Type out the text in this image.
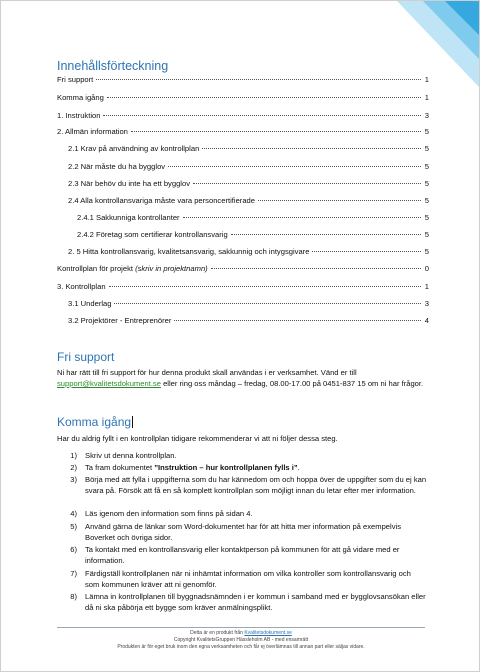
Innehållsförteckning
Fri support	1
Komma igång	1
1. Instruktion	3
2. Allmän information	5
2.1 Krav på användning av kontrollplan	5
2.2 När måste du ha bygglov	5
2.3 När behöv du inte ha ett bygglov	5
2.4 Alla kontrollansvariga måste vara personcertifierade	5
2.4.1 Sakkunniga kontrollanter	5
2.4.2 Företag som certifierar kontrollansvarig	5
2. 5 Hitta kontrollansvarig, kvalitetsansvarig, sakkunnig och intygsgivare	5
Kontrollplan för projekt (skriv in projektnamn)	0
3. Kontrollplan	1
3.1 Underlag	3
3.2 Projektörer - Entreprenörer	4
Fri support
Ni har rätt till fri support för hur denna produkt skall användas i er verksamhet. Vänd er till support@kvalitetsdokument.se eller ring oss måndag – fredag, 08.00-17.00 på 0451-837 15 om ni har frågor.
Komma igång
Har du aldrig fyllt i en kontrollplan tidigare rekommenderar vi att ni följer dessa steg.
1)	Skriv ut denna kontrollplan.
2)	Ta fram dokumentet ”Instruktion – hur kontrollplanen fylls i”.
3)	Börja med att fylla i uppgifterna som du har kännedom om och hoppa över de uppgifter som du ej kan svara på. Försök att få en så komplett kontrollplan som möjligt innan du letar efter mer information.
4)	Läs igenom den information som finns på sidan 4.
5)	Använd gärna de länkar som Word-dokumentet har för att hitta mer information på exempelvis Boverket och övriga sidor.
6)	Ta kontakt med en kontrollansvarig eller kontaktperson på kommunen för att gå vidare med er information.
7)	Färdigställ kontrollplanen när ni inhämtat information om vilka kontroller som kontrollansvarig och som kommunen kräver att ni genomför.
8)	Lämna in kontrollplanen till byggnadsnämnden i er kommun i samband med er bygglovsansökan eller då ni ska påbörja ett bygge som kräver anmälningsplikt.
Detta är en produkt från Kvalitetsdokument.se
Copyright KvalitetsGruppen Hässleholm AB - med ensamrätt
Produkten är för eget bruk inom den egna verksamheten och får ej överlämnas till annan part eller säljas vidare.
